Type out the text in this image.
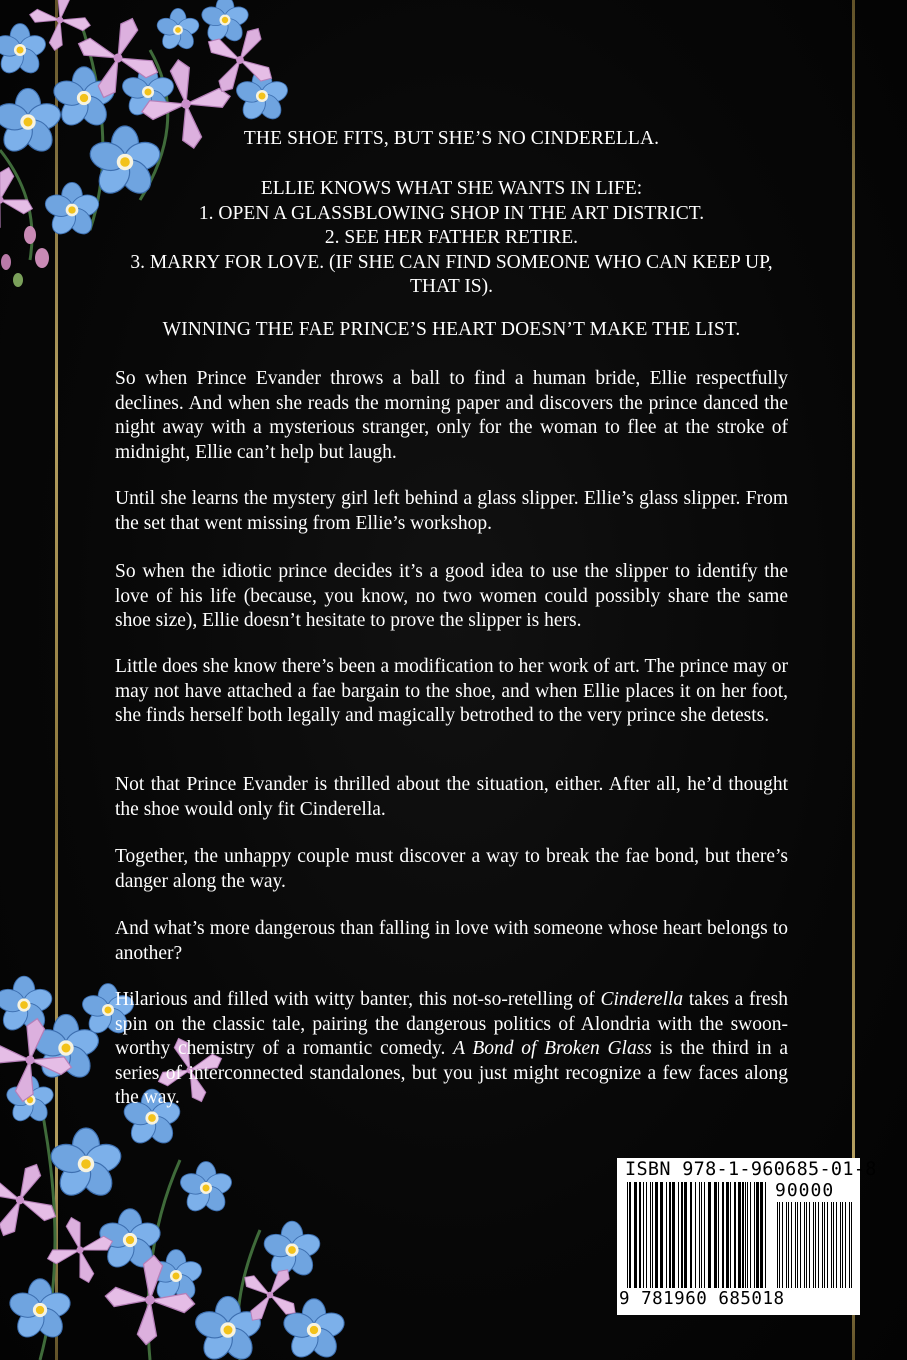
THE SHOE FITS, BUT SHE’S NO CINDERELLA.

ELLIE KNOWS WHAT SHE WANTS IN LIFE:

1. OPEN A GLASSBLOWING SHOP IN THE ART DISTRICT.

2. SEE HER FATHER RETIRE.

3. MARRY FOR LOVE. (IF SHE CAN FIND SOMEONE WHO CAN KEEP UP, THAT IS).

WINNING THE FAE PRINCE’S HEART DOESN’T MAKE THE LIST.

So when Prince Evander throws a ball to find a human bride, Ellie respectfully declines. And when she reads the morning paper and discovers the prince danced the night away with a mysterious stranger, only for the woman to flee at the stroke of midnight, Ellie can’t help but laugh.

Until she learns the mystery girl left behind a glass slipper. Ellie’s glass slipper. From the set that went missing from Ellie’s workshop.

So when the idiotic prince decides it’s a good idea to use the slipper to identify the love of his life (because, you know, no two women could possibly share the same shoe size), Ellie doesn’t hesitate to prove the slipper is hers.

Little does she know there’s been a modification to her work of art. The prince may or may not have attached a fae bargain to the shoe, and when Ellie places it on her foot, she finds herself both legally and magically betrothed to the very prince she detests.

Not that Prince Evander is thrilled about the situation, either. After all, he’d thought the shoe would only fit Cinderella.

Together, the unhappy couple must discover a way to break the fae bond, but there’s danger along the way.

And what’s more dangerous than falling in love with someone whose heart belongs to another?

Hilarious and filled with witty banter, this not-so-retelling of Cinderella takes a fresh spin on the classic tale, pairing the dangerous politics of Alondria with the swoon-worthy chemistry of a romantic comedy. A Bond of Broken Glass is the third in a series of interconnected standalones, but you just might recognize a few faces along the way.

ISBN 978-1-960685-01-8
90000
9 781960 685018
